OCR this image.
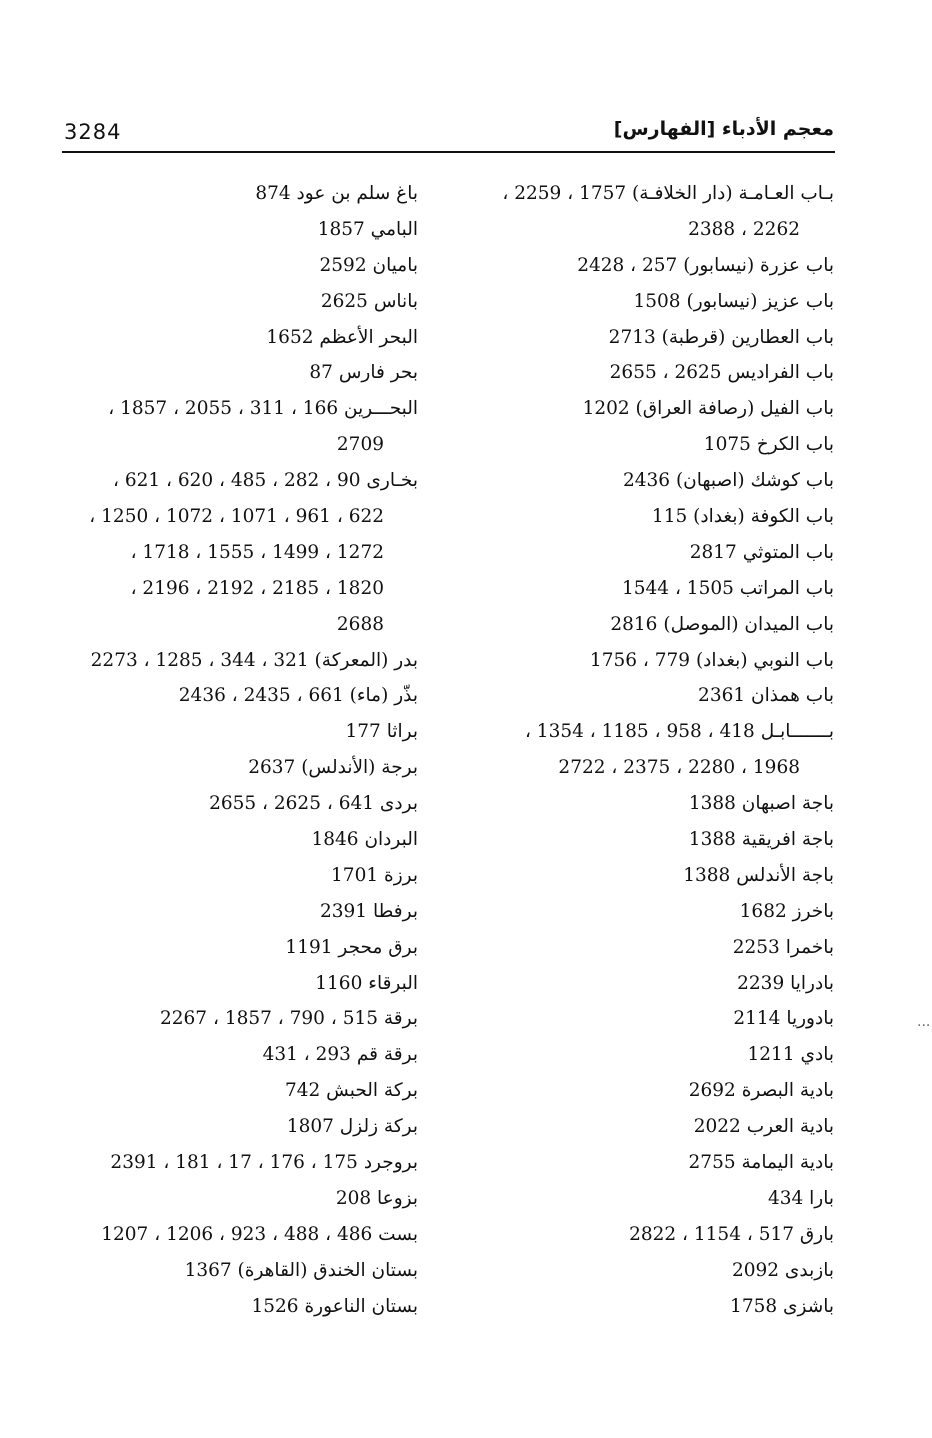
3284	معجم الأدباء [الفهارس]
بـاب العـامـة (دار الخلافـة) 1757 ، 2259 ،
2262 ، 2388
باب عزرة (نيسابور) 257 ، 2428
باب عزيز (نيسابور) 1508
باب العطارين (قرطبة) 2713
باب الفراديس 2625 ، 2655
باب الفيل (رصافة العراق) 1202
باب الكرخ 1075
باب كوشك (اصبهان) 2436
باب الكوفة (بغداد) 115
باب المتوثي 2817
باب المراتب 1505 ، 1544
باب الميدان (الموصل) 2816
باب النوبي (بغداد) 779 ، 1756
باب همذان 2361
بـــــــابـل 418 ، 958 ، 1185 ، 1354 ،
1968 ، 2280 ، 2375 ، 2722
باجة اصبهان 1388
باجة افريقية 1388
باجة الأندلس 1388
باخرز 1682
باخمرا 2253
بادرايا 2239
بادوريا 2114
بادي 1211
بادية البصرة 2692
بادية العرب 2022
بادية اليمامة 2755
بارا 434
بارق 517 ، 1154 ، 2822
بازبدى 2092
باشزى 1758
باغ سلم بن عود 874
البامي 1857
باميان 2592
باناس 2625
البحر الأعظم 1652
بحر فارس 87
البحـــرين 166 ، 311 ، 2055 ، 1857 ،
2709
بخـارى 90 ، 282 ، 485 ، 620 ، 621 ،
622 ، 961 ، 1071 ، 1072 ، 1250 ،
1272 ، 1499 ، 1555 ، 1718 ،
1820 ، 2185 ، 2192 ، 2196 ،
2688
بدر (المعركة) 321 ، 344 ، 1285 ، 2273
بذّر (ماء) 661 ، 2435 ، 2436
براثا 177
برجة (الأندلس) 2637
بردى 641 ، 2625 ، 2655
البردان 1846
برزة 1701
برفطا 2391
برق محجر 1191
البرقاء 1160
برقة 515 ، 790 ، 1857 ، 2267
برقة قم 293 ، 431
بركة الحبش 742
بركة زلزل 1807
بروجرد 175 ، 176 ، 17 ، 181 ، 2391
بزوعا 208
بست 486 ، 488 ، 923 ، 1206 ، 1207
بستان الخندق (القاهرة) 1367
بستان الناعورة 1526
...
